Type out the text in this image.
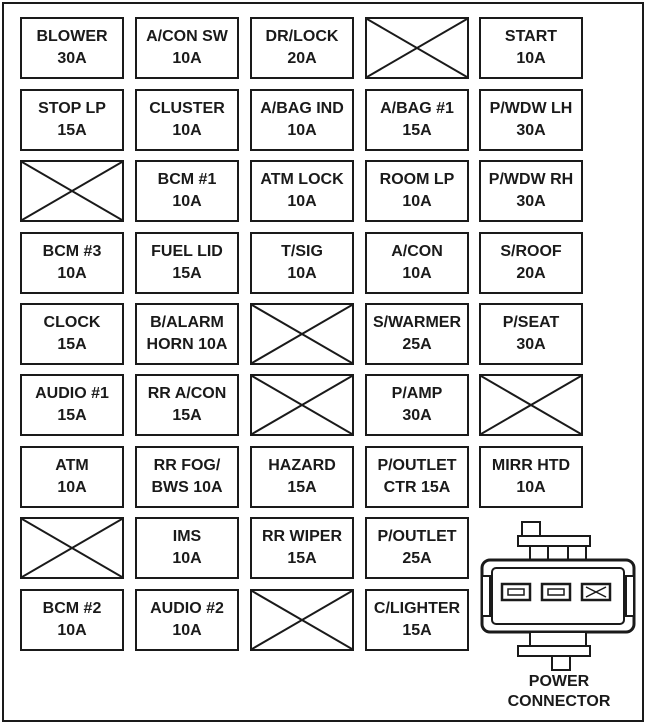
BLOWER
30A
A/CON SW
10A
DR/LOCK
20A
START
10A
STOP LP
15A
CLUSTER
10A
A/BAG IND
10A
A/BAG #1
15A
P/WDW LH
30A
BCM #1
10A
ATM LOCK
10A
ROOM LP
10A
P/WDW RH
30A
BCM #3
10A
FUEL LID
15A
T/SIG
10A
A/CON
10A
S/ROOF
20A
CLOCK
15A
B/ALARM
HORN 10A
S/WARMER
25A
P/SEAT
30A
AUDIO #1
15A
RR A/CON
15A
P/AMP
30A
ATM
10A
RR FOG/
BWS 10A
HAZARD
15A
P/OUTLET
CTR 15A
MIRR HTD
10A
IMS
10A
RR WIPER
15A
P/OUTLET
25A
BCM #2
10A
AUDIO #2
10A
C/LIGHTER
15A
POWER
CONNECTOR
